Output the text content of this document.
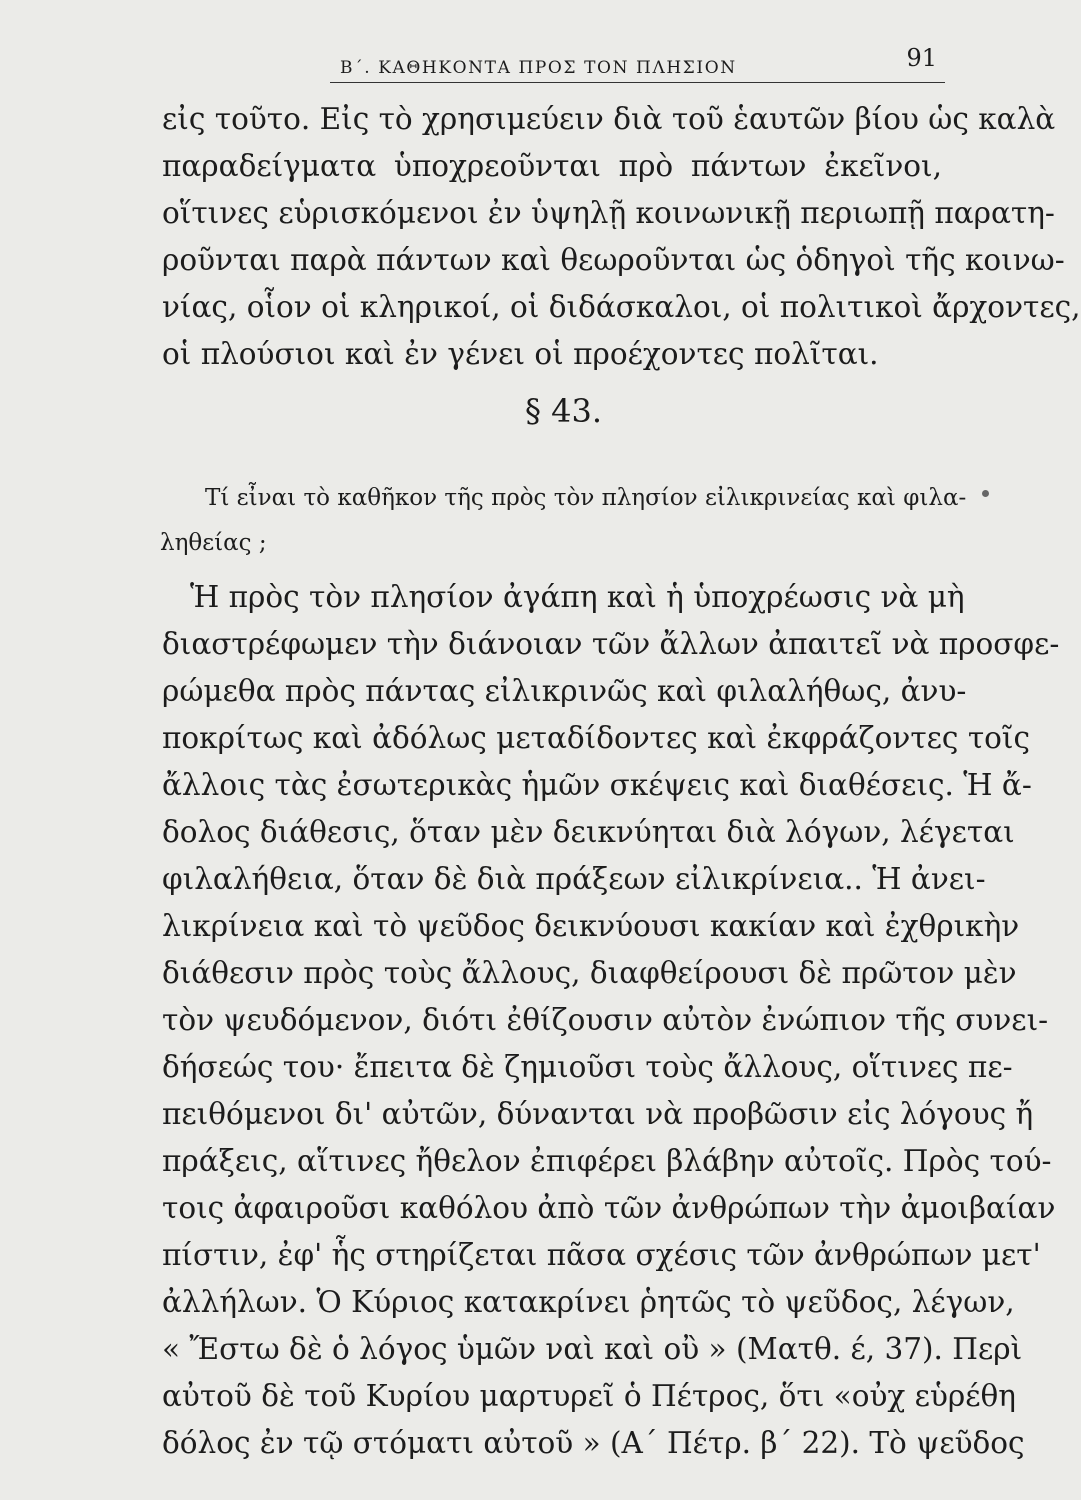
Β΄. ΚΑΘΗΚΟΝΤΑ ΠΡΟΣ ΤΟΝ ΠΛΗΣΙΟΝ	91
εἰς τοῦτο. Εἰς τὸ χρησιμεύειν διὰ τοῦ ἑαυτῶν βίου ὡς καλὰ
παραδείγματα ὑποχρεοῦνται πρὸ πάντων ἐκεῖνοι,
οἵτινες εὑρισκόμενοι ἐν ὑψηλῇ κοινωνικῇ περιωπῇ παρατη-
ροῦνται παρὰ πάντων καὶ θεωροῦνται ὡς ὁδηγοὶ τῆς κοινω-
νίας, οἷον οἱ κληρικοί, οἱ διδάσκαλοι, οἱ πολιτικοὶ ἄρχοντες,
οἱ πλούσιοι καὶ ἐν γένει οἱ προέχοντες πολῖται.
§ 43.
Τί εἶναι τὸ καθῆκον τῆς πρὸς τὸν πλησίον εἰλικρινείας καὶ φιλα-
ληθείας ;
Ἡ πρὸς τὸν πλησίον ἀγάπη καὶ ἡ ὑποχρέωσις νὰ μὴ
διαστρέφωμεν τὴν διάνοιαν τῶν ἄλλων ἀπαιτεῖ νὰ προσφε-
ρώμεθα πρὸς πάντας εἰλικρινῶς καὶ φιλαλήθως, ἀνυ-
ποκρίτως καὶ ἀδόλως μεταδίδοντες καὶ ἐκφράζοντες τοῖς
ἄλλοις τὰς ἐσωτερικὰς ἡμῶν σκέψεις καὶ διαθέσεις. Ἡ ἄ-
δολος διάθεσις, ὅταν μὲν δεικνύηται διὰ λόγων, λέγεται
φιλαλήθεια, ὅταν δὲ διὰ πράξεων εἰλικρίνεια.. Ἡ ἀνει-
λικρίνεια καὶ τὸ ψεῦδος δεικνύουσι κακίαν καὶ ἐχθρικὴν
διάθεσιν πρὸς τοὺς ἄλλους, διαφθείρουσι δὲ πρῶτον μὲν
τὸν ψευδόμενον, διότι ἐθίζουσιν αὐτὸν ἐνώπιον τῆς συνει-
δήσεώς του· ἔπειτα δὲ ζημιοῦσι τοὺς ἄλλους, οἵτινες πε-
πειθόμενοι δι' αὐτῶν, δύνανται νὰ προβῶσιν εἰς λόγους ἤ
πράξεις, αἵτινες ἤθελον ἐπιφέρει βλάβην αὐτοῖς. Πρὸς τού-
τοις ἀφαιροῦσι καθόλου ἀπὸ τῶν ἀνθρώπων τὴν ἀμοιβαίαν
πίστιν, ἐφ' ἧς στηρίζεται πᾶσα σχέσις τῶν ἀνθρώπων μετ'
ἀλλήλων. Ὁ Κύριος κατακρίνει ῥητῶς τὸ ψεῦδος, λέγων,
« Ἔστω δὲ ὁ λόγος ὑμῶν ναὶ καὶ οὒ » (Ματθ. έ, 37). Περὶ
αὐτοῦ δὲ τοῦ Κυρίου μαρτυρεῖ ὁ Πέτρος, ὅτι «οὐχ εὑρέθη
δόλος ἐν τῷ στόματι αὐτοῦ » (Α΄ Πέτρ. β΄ 22). Τὸ ψεῦδος
